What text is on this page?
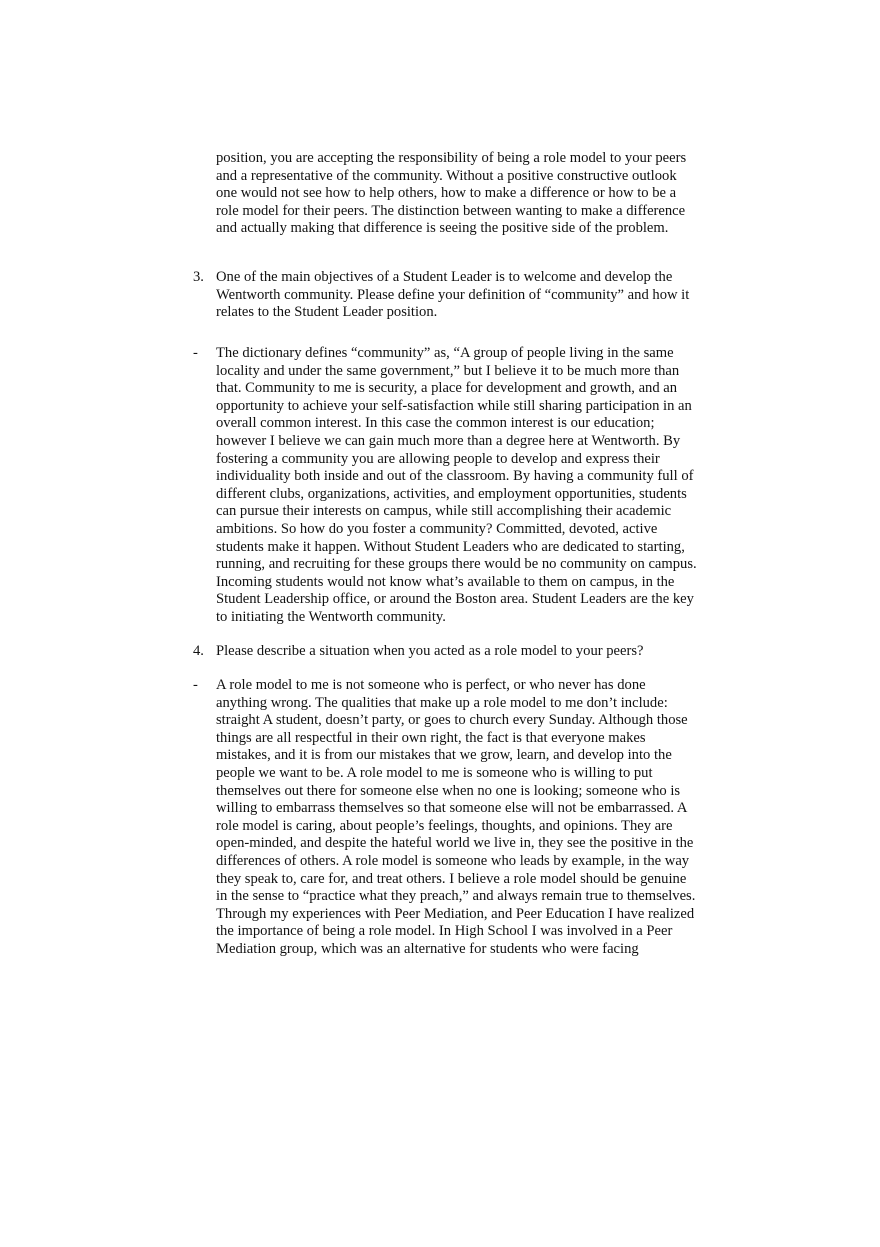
position, you are accepting the responsibility of being a role model to your peers
and a representative of the community. Without a positive constructive outlook
one would not see how to help others, how to make a difference or how to be a
role model for their peers. The distinction between wanting to make a difference
and actually making that difference is seeing the positive side of the problem.
3. One of the main objectives of a Student Leader is to welcome and develop the
Wentworth community. Please define your definition of “community” and how it
relates to the Student Leader position.
- The dictionary defines “community” as, “A group of people living in the same
locality and under the same government,” but I believe it to be much more than
that. Community to me is security, a place for development and growth, and an
opportunity to achieve your self-satisfaction while still sharing participation in an
overall common interest. In this case the common interest is our education;
however I believe we can gain much more than a degree here at Wentworth. By
fostering a community you are allowing people to develop and express their
individuality both inside and out of the classroom. By having a community full of
different clubs, organizations, activities, and employment opportunities, students
can pursue their interests on campus, while still accomplishing their academic
ambitions. So how do you foster a community? Committed, devoted, active
students make it happen. Without Student Leaders who are dedicated to starting,
running, and recruiting for these groups there would be no community on campus.
Incoming students would not know what’s available to them on campus, in the
Student Leadership office, or around the Boston area. Student Leaders are the key
to initiating the Wentworth community.
4. Please describe a situation when you acted as a role model to your peers?
- A role model to me is not someone who is perfect, or who never has done
anything wrong. The qualities that make up a role model to me don’t include:
straight A student, doesn’t party, or goes to church every Sunday. Although those
things are all respectful in their own right, the fact is that everyone makes
mistakes, and it is from our mistakes that we grow, learn, and develop into the
people we want to be. A role model to me is someone who is willing to put
themselves out there for someone else when no one is looking; someone who is
willing to embarrass themselves so that someone else will not be embarrassed. A
role model is caring, about people’s feelings, thoughts, and opinions. They are
open-minded, and despite the hateful world we live in, they see the positive in the
differences of others. A role model is someone who leads by example, in the way
they speak to, care for, and treat others. I believe a role model should be genuine
in the sense to “practice what they preach,” and always remain true to themselves.
Through my experiences with Peer Mediation, and Peer Education I have realized
the importance of being a role model. In High School I was involved in a Peer
Mediation group, which was an alternative for students who were facing
